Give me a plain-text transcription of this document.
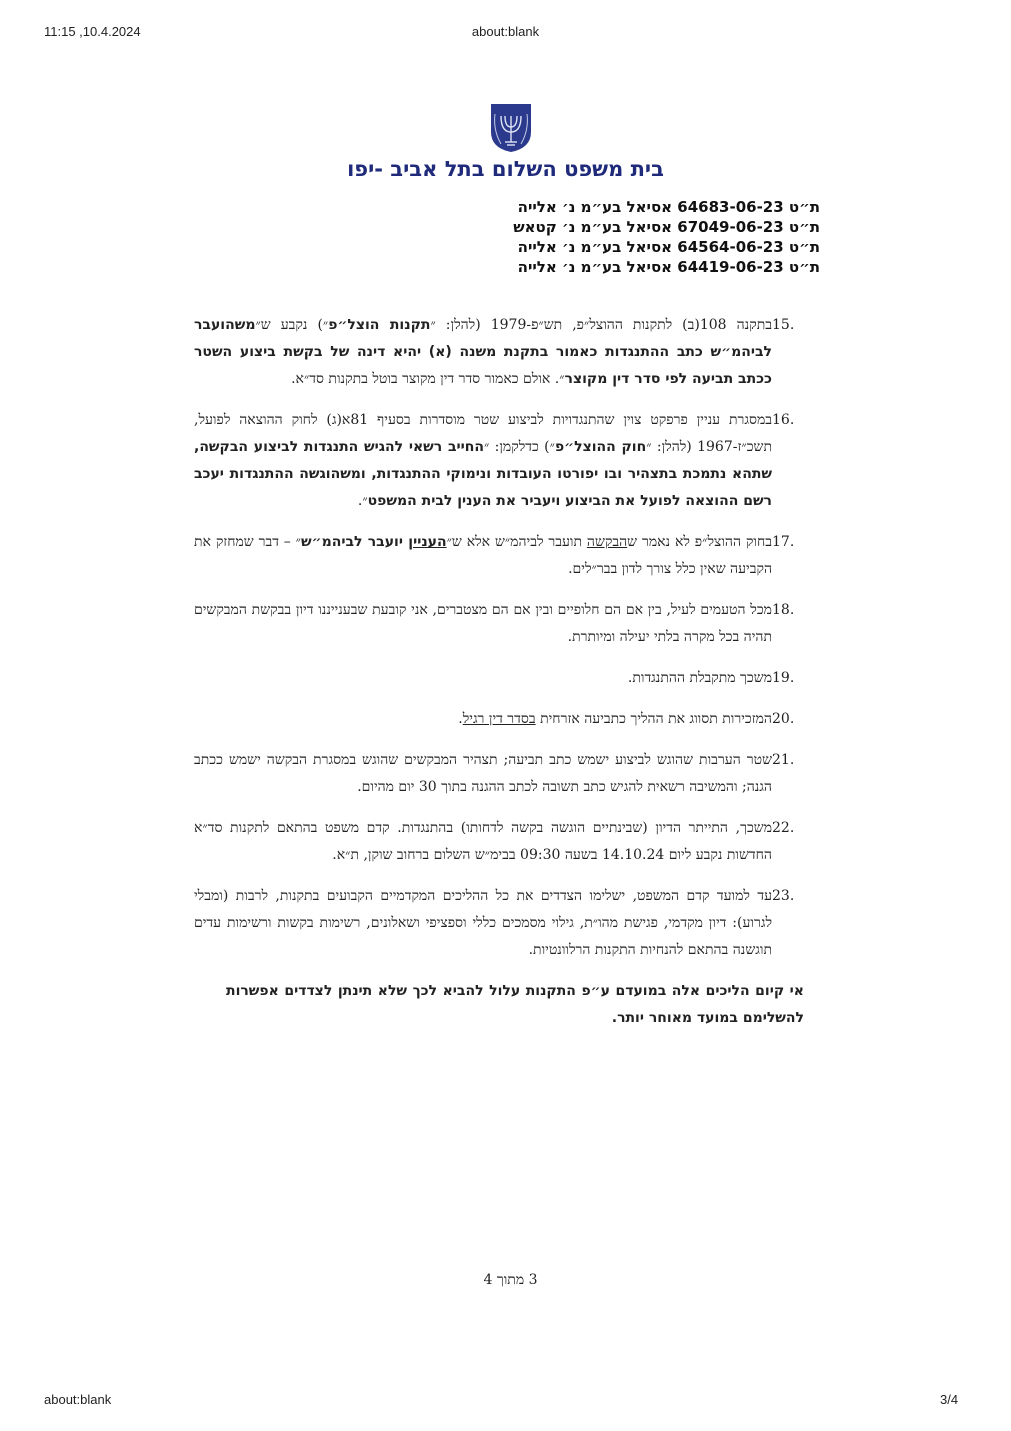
11:15 ,10.4.2024	about:blank
בית משפט השלום בתל אביב -יפו
ת״ט 64683-06-23 אסיאל בע״מ נ׳ אלייה
ת״ט 67049-06-23 אסיאל בע״מ נ׳ קטאש
ת״ט 64564-06-23 אסיאל בע״מ נ׳ אלייה
ת״ט 64419-06-23 אסיאל בע״מ נ׳ אלייה
15.
בתקנה 108(ב) לתקנות ההוצל״פ, תש״פ-1979 (להלן: ״תקנות הוצל״פ״) נקבע ש״משהועבר לביהמ״ש כתב ההתנגדות כאמור בתקנת משנה (א) יהיא דינה של בקשת ביצוע השטר ככתב תביעה לפי סדר דין מקוצר״. אולם כאמור סדר דין מקוצר בוטל בתקנות סד״א.
16.
במסגרת עניין פרפקט צוין שהתנגדויות לביצוע שטר מוסדרות בסעיף 81א(ג) לחוק ההוצאה לפועל, תשכ״ז-1967 (להלן: ״חוק ההוצל״פ״) כדלקמן: ״החייב רשאי להגיש התנגדות לביצוע הבקשה, שתהא נתמכת בתצהיר ובו יפורטו העובדות ונימוקי ההתנגדות, ומשהוגשה ההתנגדות יעכב רשם ההוצאה לפועל את הביצוע ויעביר את הענין לבית המשפט״.
17.
בחוק ההוצל״פ לא נאמר שהבקשה תועבר לביהמ״ש אלא ש״העניין יועבר לביהמ״ש״ – דבר שמחזק את הקביעה שאין כלל צורך לדון בבר״לים.
18.
מכל הטעמים לעיל, בין אם הם חלופיים ובין אם הם מצטברים, אני קובעת שבענייננו דיון בבקשת המבקשים תהיה בכל מקרה בלתי יעילה ומיותרת.
19.
משכך מתקבלת ההתנגדות.
20.
המזכירות תסווג את ההליך כתביעה אזרחית בסדר דין רגיל.
21.
שטר הערבות שהוגש לביצוע ישמש כתב תביעה; תצהיר המבקשים שהוגש במסגרת הבקשה ישמש ככתב הגנה; והמשיבה רשאית להגיש כתב תשובה לכתב ההגנה בתוך 30 יום מהיום.
22.
משכך, התייתר הדיון (שבינתיים הוגשה בקשה לדחותו) בהתנגדות. קדם משפט בהתאם לתקנות סד״א החדשות נקבע ליום 14.10.24 בשעה 09:30 בבימ״ש השלום ברחוב שוקן, ת״א.
23.
עד למועד קדם המשפט, ישלימו הצדדים את כל ההליכים המקדמיים הקבועים בתקנות, לרבות (ומבלי לגרוע): דיון מקדמי, פגישת מהו״ת, גילוי מסמכים כללי וספציפי ושאלונים, רשימות בקשות ורשימות עדים תוגשנה בהתאם להנחיות התקנות הרלוונטיות.
אי קיום הליכים אלה במועדם ע״פ התקנות עלול להביא לכך שלא תינתן לצדדים אפשרות להשלימם במועד מאוחר יותר.
3 מתוך 4
about:blank	3/4
